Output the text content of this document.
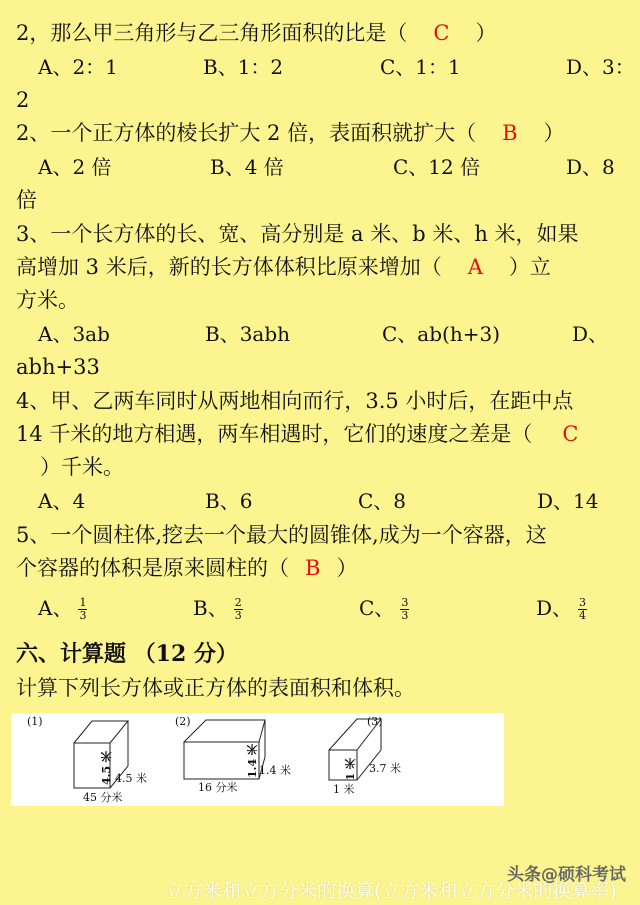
2，那么甲三角形与乙三角形面积的比是（ C ）
A、2：1	B、1：2	C、1：1	D、3：
2
2、一个正方体的棱长扩大 2 倍，表面积就扩大（ B ）
A、2 倍	B、4 倍	C、12 倍	D、8
倍
3、一个长方体的长、宽、高分别是 a 米、b 米、h 米，如果
高增加 3 米后，新的长方体体积比原来增加（ A ）立
方米。
A、3ab	B、3abh	C、ab(h+3)	D、
abh+33
4、甲、乙两车同时从两地相向而行，3.5 小时后，在距中点
14 千米的地方相遇，两车相遇时，它们的速度之差是（ C
）千米。
A、4	B、6	C、8	D、14
5、一个圆柱体,挖去一个最大的圆锥体,成为一个容器，这
个容器的体积是原来圆柱的（ B ）
A、 $\frac{1}{3}$	B、 $\frac{2}{3}$	C、 $\frac{3}{3}$	D、 $\frac{3}{4}$
六、计算题 （12 分）
计算下列长方体或正方体的表面积和体积。
(1)
4.5 米 4.5 米
45 分米
(2)
1.4 米 1.4 米
16 分米
(3)
1 米 3.7 米
1 米
头条@硕科考试
立方米和立方分米的换算(立方米和立方分米的换算率)
